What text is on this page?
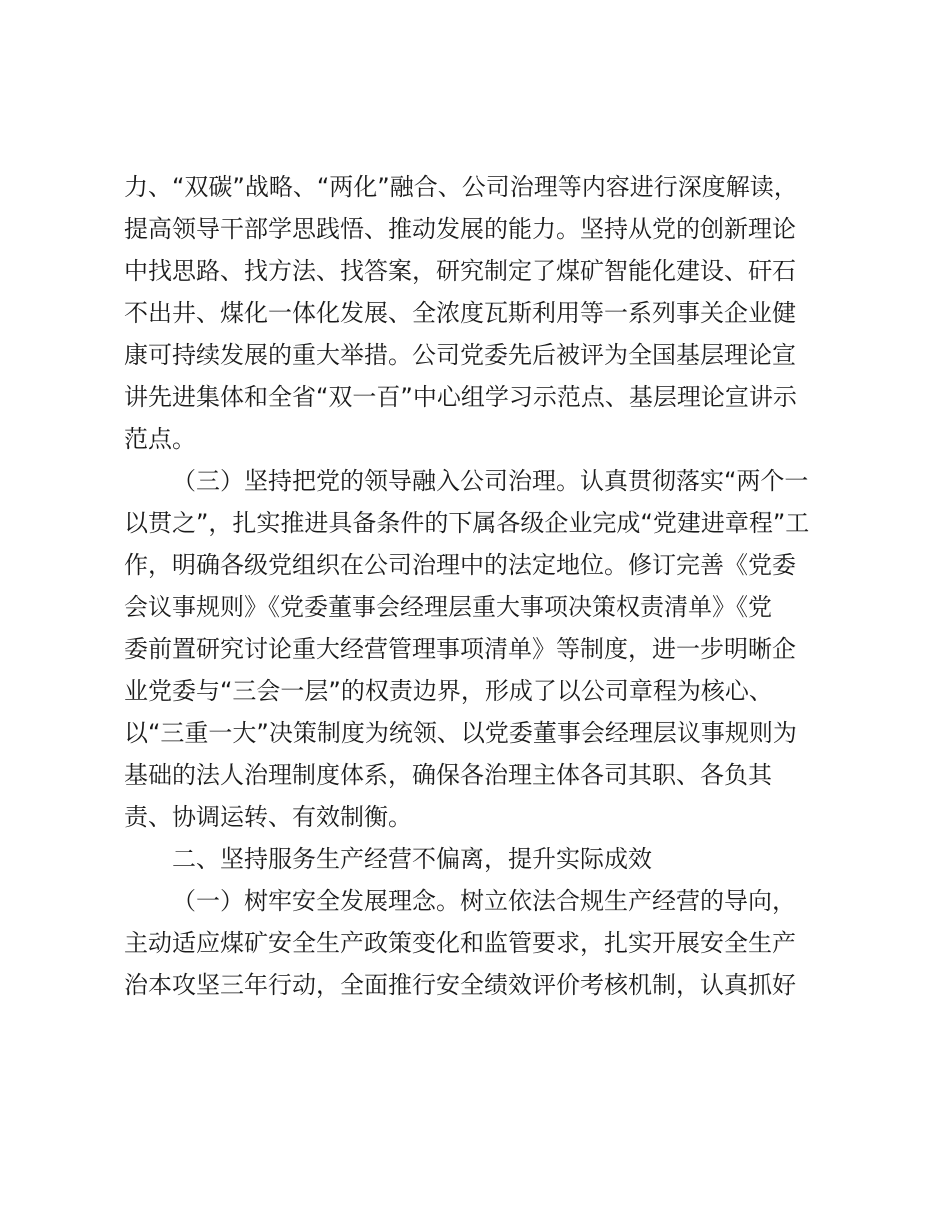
力、“双碳”战略、“两化”融合、公司治理等内容进行深度解读，
提高领导干部学思践悟、推动发展的能力。坚持从党的创新理论
中找思路、找方法、找答案，研究制定了煤矿智能化建设、矸石
不出井、煤化一体化发展、全浓度瓦斯利用等一系列事关企业健
康可持续发展的重大举措。公司党委先后被评为全国基层理论宣
讲先进集体和全省“双一百”中心组学习示范点、基层理论宣讲示
范点。
（三）坚持把党的领导融入公司治理。认真贯彻落实“两个一
以贯之”，扎实推进具备条件的下属各级企业完成“党建进章程”工
作，明确各级党组织在公司治理中的法定地位。修订完善《党委
会议事规则》《党委董事会经理层重大事项决策权责清单》《党
委前置研究讨论重大经营管理事项清单》等制度，进一步明晰企
业党委与“三会一层”的权责边界，形成了以公司章程为核心、
以“三重一大”决策制度为统领、以党委董事会经理层议事规则为
基础的法人治理制度体系，确保各治理主体各司其职、各负其
责、协调运转、有效制衡。
二、坚持服务生产经营不偏离，提升实际成效
（一）树牢安全发展理念。树立依法合规生产经营的导向，
主动适应煤矿安全生产政策变化和监管要求，扎实开展安全生产
治本攻坚三年行动，全面推行安全绩效评价考核机制，认真抓好
